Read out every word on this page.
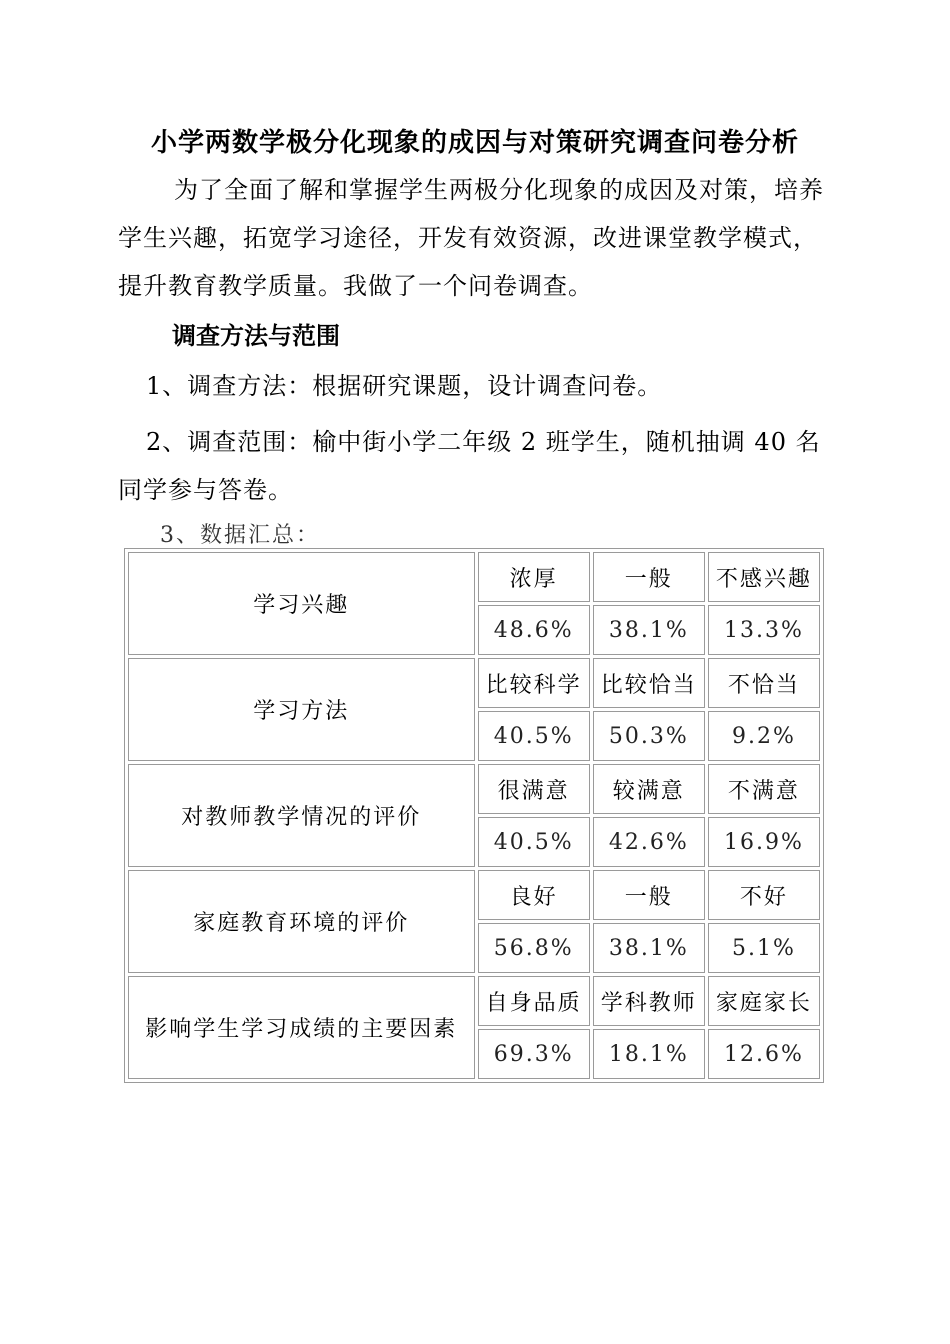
小学两数学极分化现象的成因与对策研究调查问卷分析

为了全面了解和掌握学生两极分化现象的成因及对策，培养学生兴趣，拓宽学习途径，开发有效资源，改进课堂教学模式，提升教育教学质量。我做了一个问卷调查。

调查方法与范围
1、调查方法：根据研究课题，设计调查问卷。

2、调查范围：榆中街小学二年级 2 班学生，随机抽调 40 名同学参与答卷。

3、数据汇总：
学习兴趣	浓厚	一般	不感兴趣
	48.6%	38.1%	13.3%
学习方法	比较科学	比较恰当	不恰当
	40.5%	50.3%	9.2%
对教师教学情况的评价	很满意	较满意	不满意
	40.5%	42.6%	16.9%
家庭教育环境的评价	良好	一般	不好
	56.8%	38.1%	5.1%
影响学生学习成绩的主要因素	自身品质	学科教师	家庭家长
	69.3%	18.1%	12.6%
